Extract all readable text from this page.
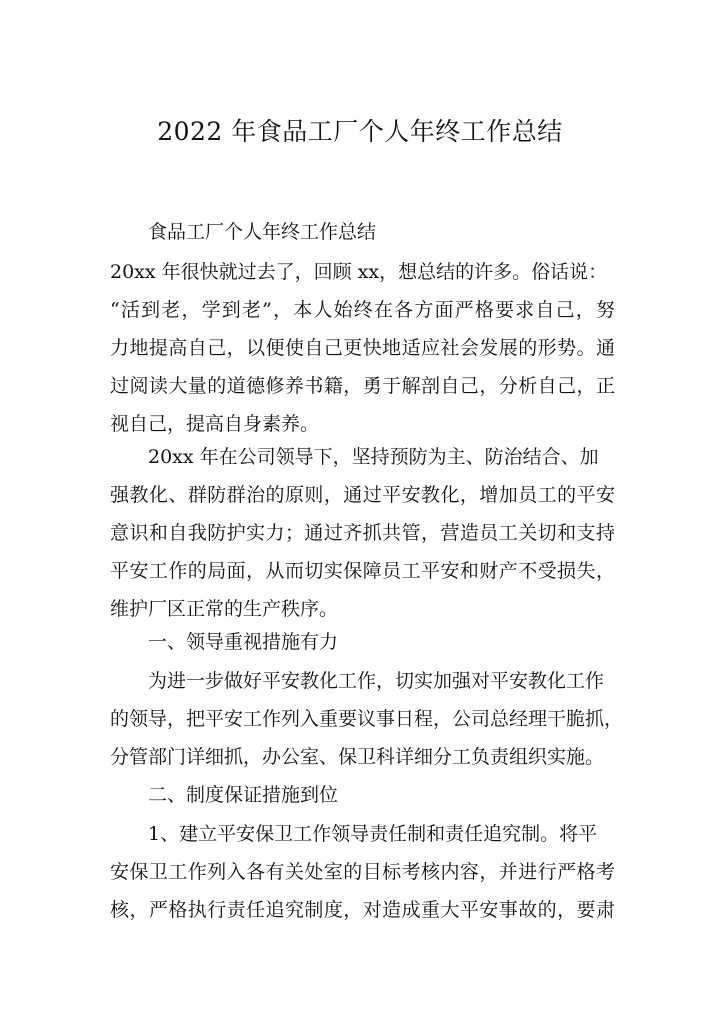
2022 年食品工厂个人年终工作总结
食品工厂个人年终工作总结
20xx 年很快就过去了，回顾 xx，想总结的许多。俗话说：
“活到老，学到老”，本人始终在各方面严格要求自己，努
力地提高自己，以便使自己更快地适应社会发展的形势。通
过阅读大量的道德修养书籍，勇于解剖自己，分析自己，正
视自己，提高自身素养。
　　20xx 年在公司领导下，坚持预防为主、防治结合、加
强教化、群防群治的原则，通过平安教化，增加员工的平安
意识和自我防护实力；通过齐抓共管，营造员工关切和支持
平安工作的局面，从而切实保障员工平安和财产不受损失，
维护厂区正常的生产秩序。
　　一、领导重视措施有力
　　为进一步做好平安教化工作，切实加强对平安教化工作
的领导，把平安工作列入重要议事日程，公司总经理干脆抓，
分管部门详细抓，办公室、保卫科详细分工负责组织实施。
　　二、制度保证措施到位
　　1、建立平安保卫工作领导责任制和责任追究制。将平
安保卫工作列入各有关处室的目标考核内容，并进行严格考
核，严格执行责任追究制度，对造成重大平安事故的，要肃
